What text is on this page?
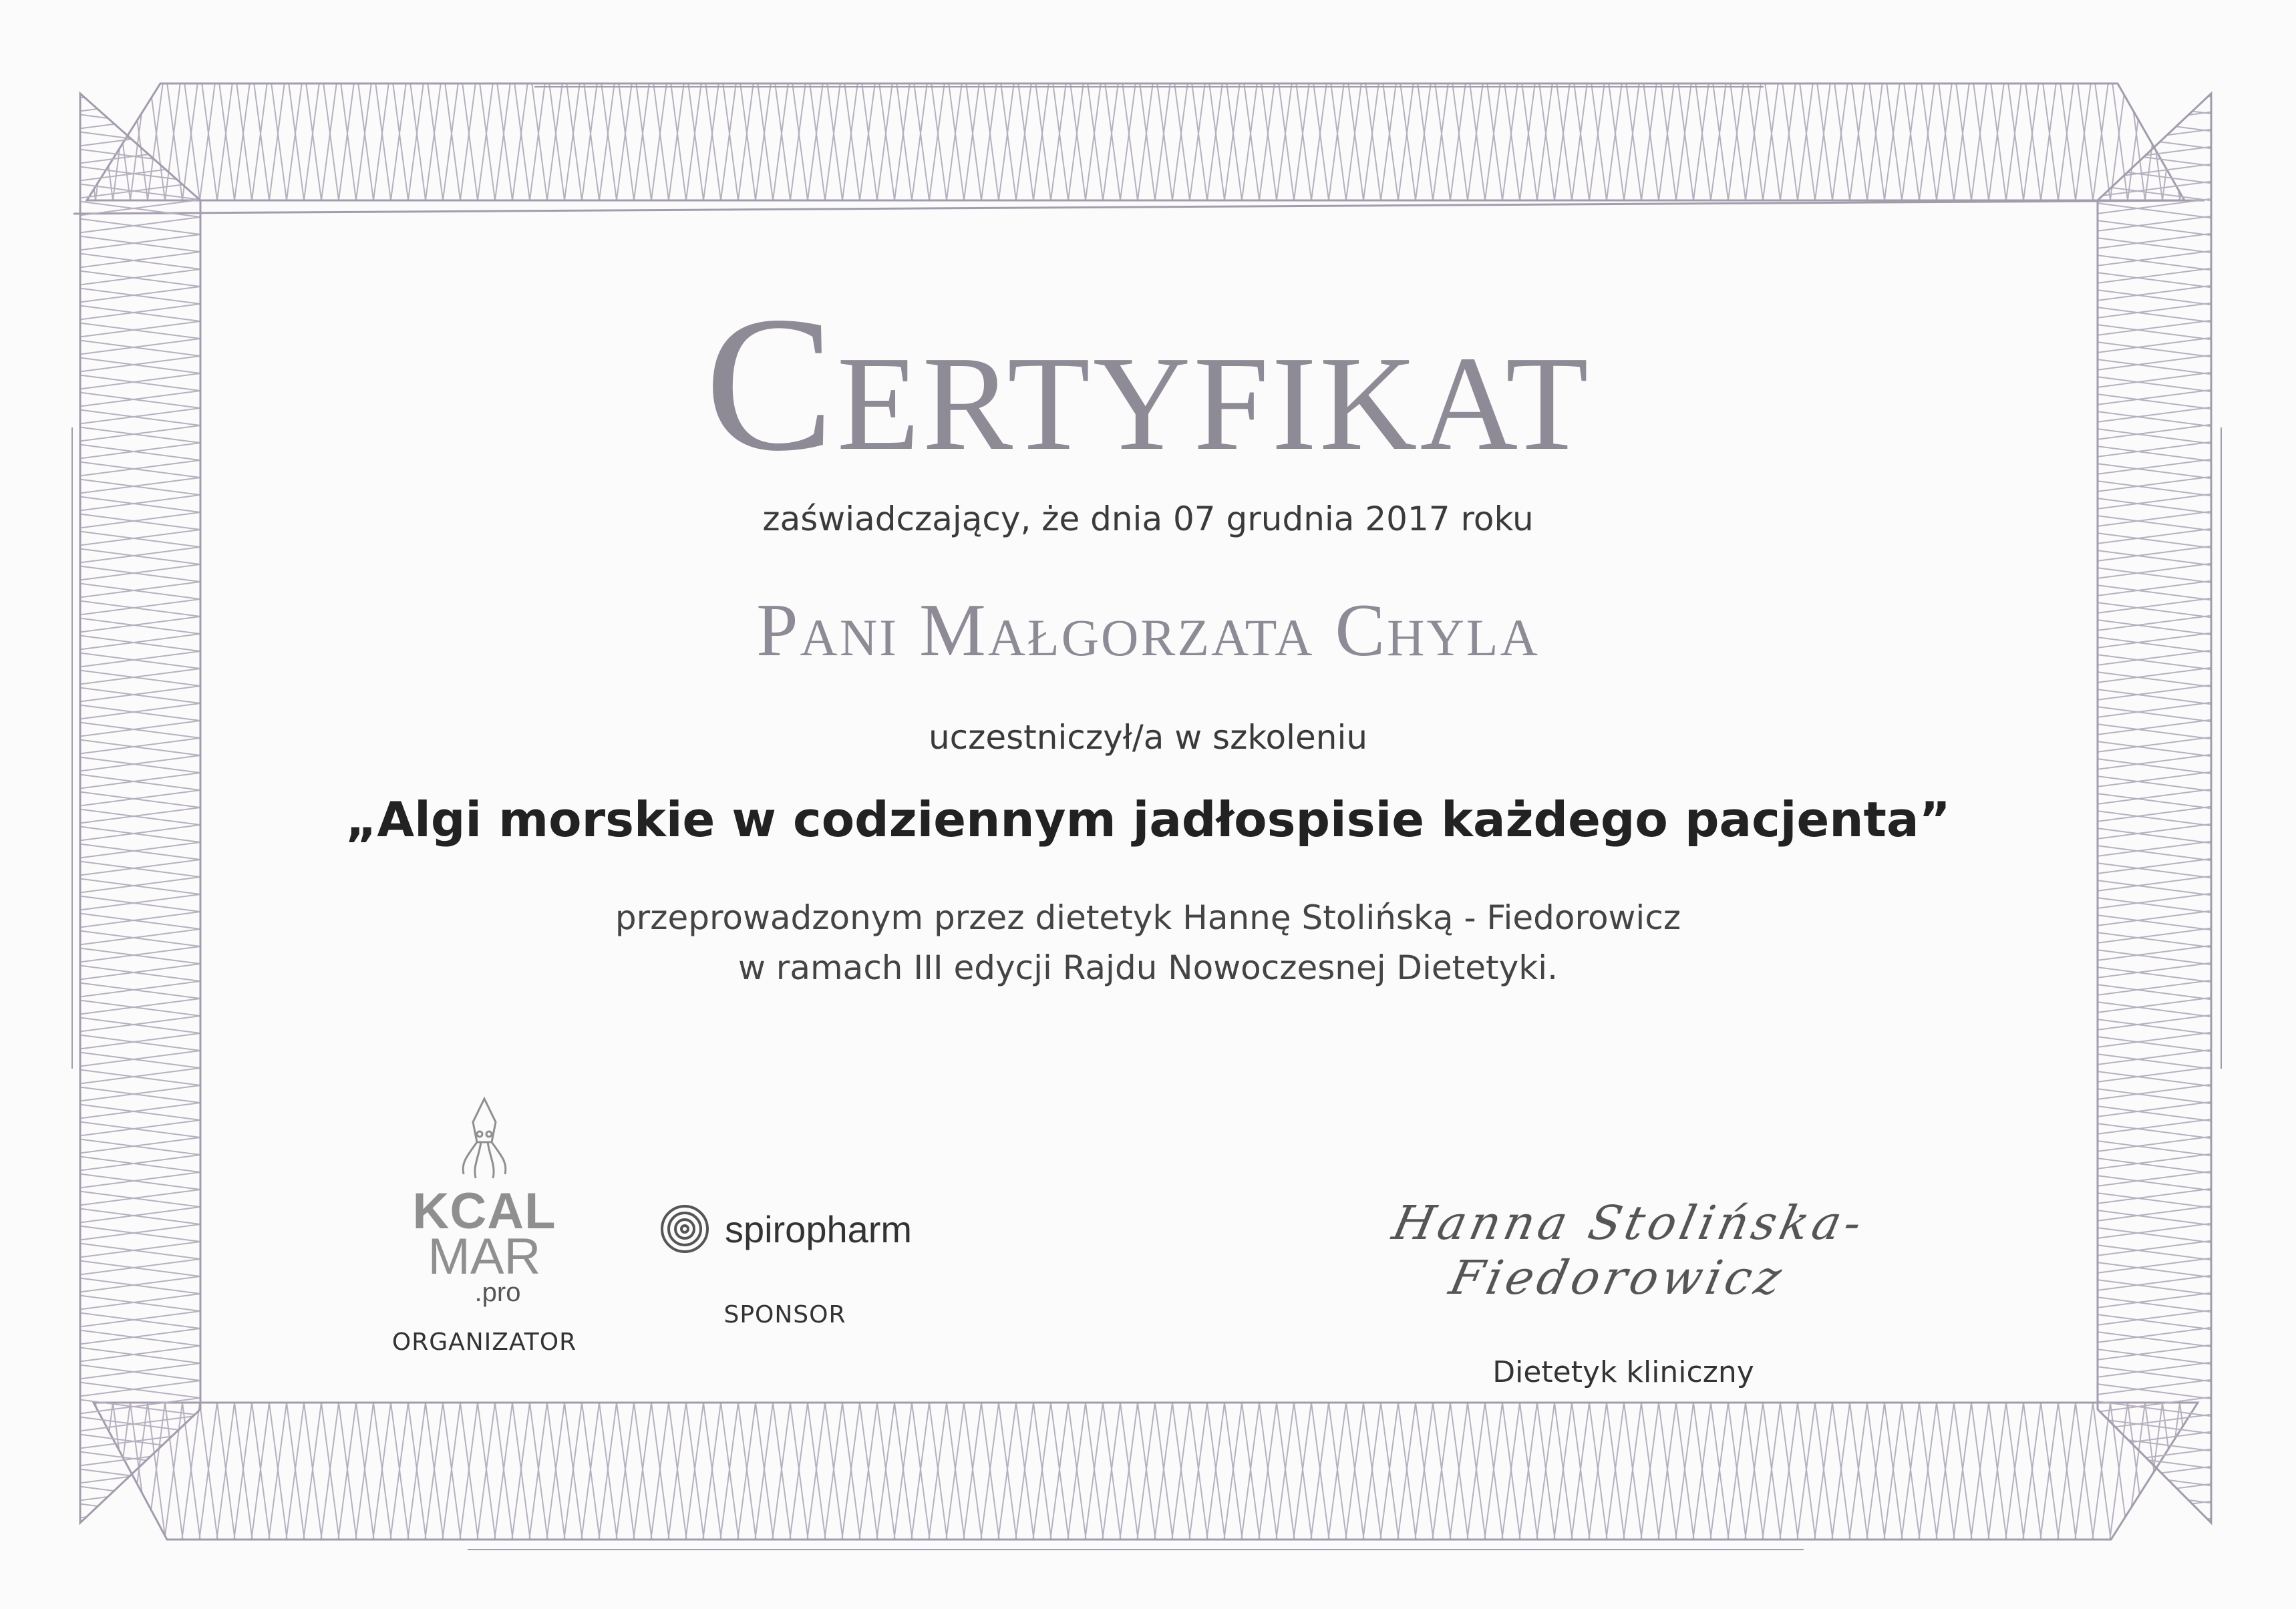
Certyfikat
zaświadczający, że dnia 07 grudnia 2017 roku
Pani Małgorzata Chyla
uczestniczył/a w szkoleniu
„Algi morskie w codziennym jadłospisie każdego pacjenta”
przeprowadzonym przez dietetyk Hannę Stolińską - Fiedorowicz
w ramach III edycji Rajdu Nowoczesnej Dietetyki.
KCAL
MAR
.pro
ORGANIZATOR
spiropharm
SPONSOR
Hanna Stolińska-Fiedorowicz
Dietetyk kliniczny
